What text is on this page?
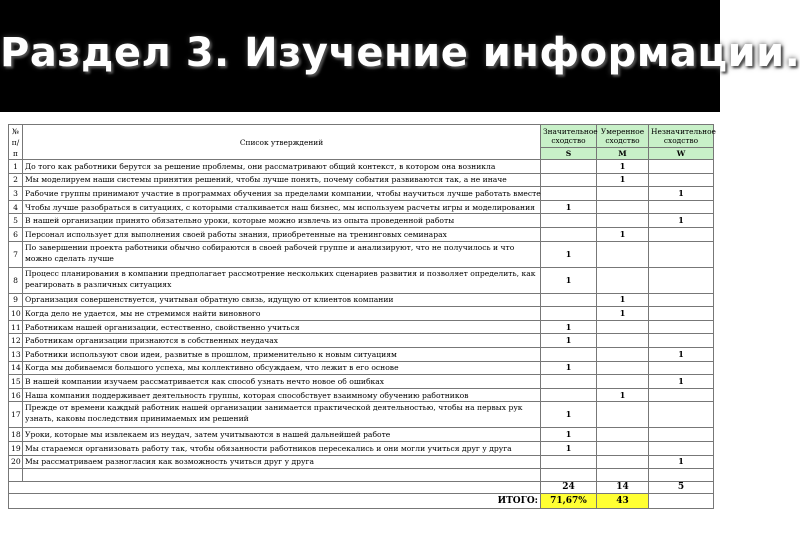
Раздел 3. Изучение информации.
№ п/п	Список утверждений	Значительное сходство	Умеренное сходство	Незначительное сходство
		S	M	W
1	До того как работники берутся за решение проблемы, они рассматривают общий контекст, в котором она возникла		1	
2	Мы моделируем наши системы принятия решений, чтобы лучше понять, почему события развиваются так, а не иначе		1	
3	Рабочие группы принимают участие в программах обучения за пределами компании, чтобы научиться лучше работать вместе			1
4	Чтобы лучше разобраться в ситуациях, с которыми сталкивается наш бизнес, мы используем расчеты игры и моделирования	1		
5	В нашей организации принято обязательно уроки, которые можно извлечь из опыта проведенной работы			1
6	Персонал использует для выполнения своей работы знания, приобретенные на тренинговых семинарах		1	
7	По завершении проекта работники обычно собираются в своей рабочей группе и анализируют, что не получилось и что можно сделать лучше	1		
8	Процесс планирования в компании предполагает рассмотрение нескольких сценариев развития и позволяет определить, как реагировать в различных ситуациях	1		
9	Организация совершенствуется, учитывая обратную связь, идущую от клиентов компании		1	
10	Когда дело не удается, мы не стремимся найти виновного		1	
11	Работникам нашей организации, естественно, свойственно учиться	1		
12	Работникам организации признаются в собственных неудачах	1		
13	Работники используют свои идеи, развитые в прошлом, применительно к новым ситуациям			1
14	Когда мы добиваемся большого успеха, мы коллективно обсуждаем, что лежит в его основе	1		
15	В нашей компании изучаем рассматривается как способ узнать нечто новое об ошибках			1
16	Наша компания поддерживает деятельность группы, которая способствует взаимному обучению работников		1	
17	Прежде от времени каждый работник нашей организации занимается практической деятельностью, чтобы на первых рук узнать, каковы последствия принимаемых им решений	1		
18	Уроки, которые мы извлекаем из неудач, затем учитываются в нашей дальнейшей работе	1		
19	Мы стараемся организовать работу так, чтобы обязанности работников пересекались и они могли учиться друг у друга	1		
20	Мы рассматриваем разногласия как возможность учиться друг у друга			1

		24	14	5
ИТОГО:		71,67%	43	
